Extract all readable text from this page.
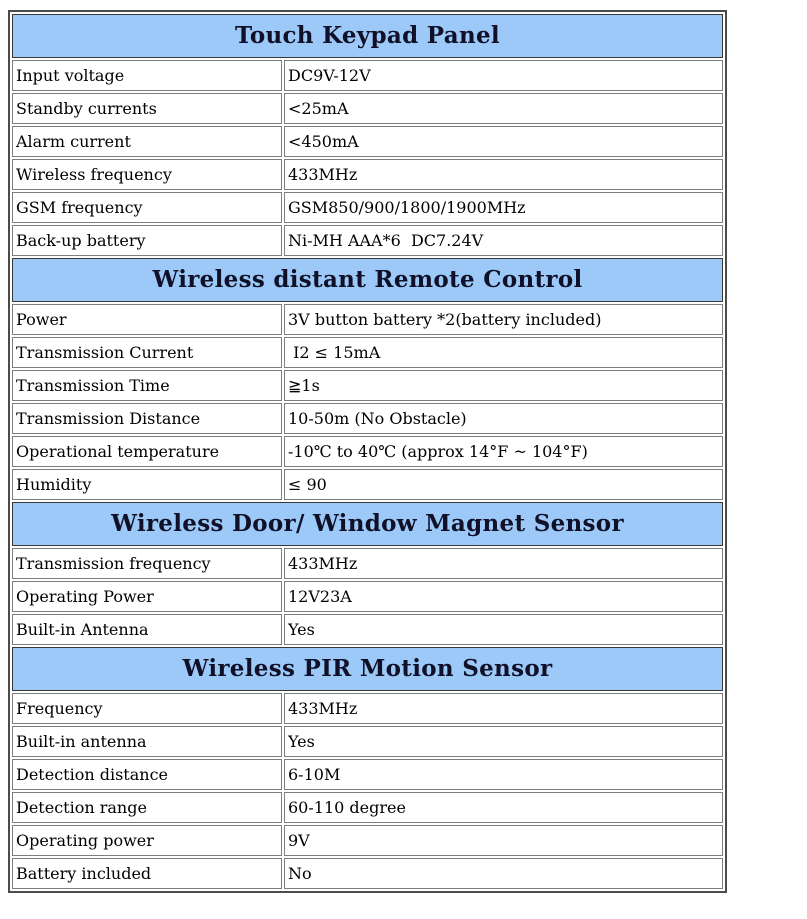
Touch Keypad Panel	
Input voltage	DC9V-12V
Standby currents	<25mA
Alarm current	<450mA
Wireless frequency	433MHz
GSM frequency	GSM850/900/1800/1900MHz
Back-up battery	Ni-MH AAA*6  DC7.24V
Wireless distant Remote Control	
Power	3V button battery *2(battery included)
Transmission Current	I2 ≤ 15mA
Transmission Time	≧1s
Transmission Distance	10-50m (No Obstacle)
Operational temperature	-10℃ to 40℃ (approx 14°F ~ 104°F)
Humidity	≤ 90
Wireless Door/ Window Magnet Sensor	
Transmission frequency	433MHz
Operating Power	12V23A
Built-in Antenna	Yes
Wireless PIR Motion Sensor	
Frequency	433MHz
Built-in antenna	Yes
Detection distance	6-10M
Detection range	60-110 degree
Operating power	9V
Battery included	No
